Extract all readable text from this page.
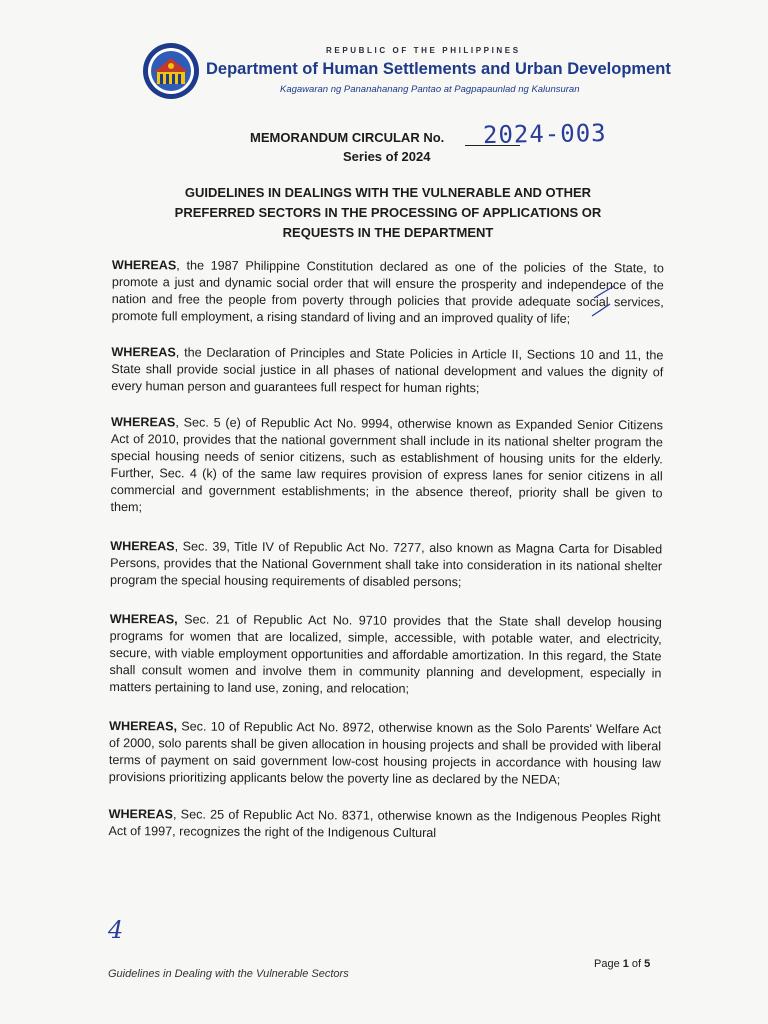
REPUBLIC OF THE PHILIPPINES
Department of Human Settlements and Urban Development
Kagawaran ng Pananahanang Pantao at Pagpapaunlad ng Kalunsuran
MEMORANDUM CIRCULAR No. 2024-003
Series of 2024
GUIDELINES IN DEALINGS WITH THE VULNERABLE AND OTHER
PREFERRED SECTORS IN THE PROCESSING OF APPLICATIONS OR
REQUESTS IN THE DEPARTMENT

WHEREAS, the 1987 Philippine Constitution declared as one of the policies of the State, to promote a just and dynamic social order that will ensure the prosperity and independence of the nation and free the people from poverty through policies that provide adequate social services, promote full employment, a rising standard of living and an improved quality of life;

WHEREAS, the Declaration of Principles and State Policies in Article II, Sections 10 and 11, the State shall provide social justice in all phases of national development and values the dignity of every human person and guarantees full respect for human rights;

WHEREAS, Sec. 5 (e) of Republic Act No. 9994, otherwise known as Expanded Senior Citizens Act of 2010, provides that the national government shall include in its national shelter program the special housing needs of senior citizens, such as establishment of housing units for the elderly. Further, Sec. 4 (k) of the same law requires provision of express lanes for senior citizens in all commercial and government establishments; in the absence thereof, priority shall be given to them;

WHEREAS, Sec. 39, Title IV of Republic Act No. 7277, also known as Magna Carta for Disabled Persons, provides that the National Government shall take into consideration in its national shelter program the special housing requirements of disabled persons;

WHEREAS, Sec. 21 of Republic Act No. 9710 provides that the State shall develop housing programs for women that are localized, simple, accessible, with potable water, and electricity, secure, with viable employment opportunities and affordable amortization. In this regard, the State shall consult women and involve them in community planning and development, especially in matters pertaining to land use, zoning, and relocation;

WHEREAS, Sec. 10 of Republic Act No. 8972, otherwise known as the Solo Parents' Welfare Act of 2000, solo parents shall be given allocation in housing projects and shall be provided with liberal terms of payment on said government low-cost housing projects in accordance with housing law provisions prioritizing applicants below the poverty line as declared by the NEDA;

WHEREAS, Sec. 25 of Republic Act No. 8371, otherwise known as the Indigenous Peoples Right Act of 1997, recognizes the right of the Indigenous Cultural

4
Guidelines in Dealing with the Vulnerable Sectors
Page 1 of 5
